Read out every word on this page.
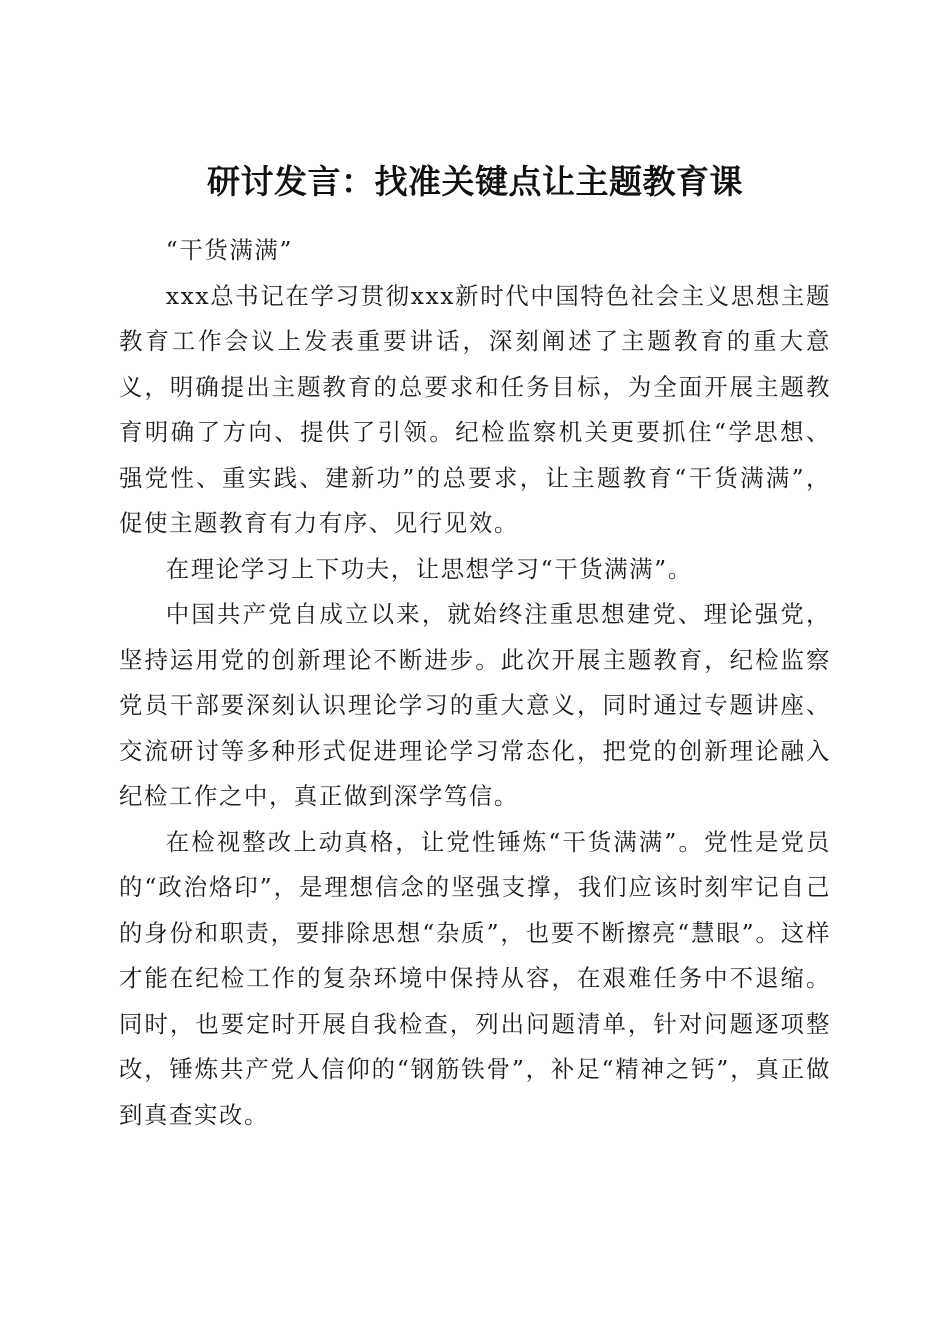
研讨发言：找准关键点让主题教育课

“干货满满”

xxx总书记在学习贯彻xxx新时代中国特色社会主义思想主题教育工作会议上发表重要讲话，深刻阐述了主题教育的重大意义，明确提出主题教育的总要求和任务目标，为全面开展主题教育明确了方向、提供了引领。纪检监察机关更要抓住“学思想、强党性、重实践、建新功”的总要求，让主题教育“干货满满”，促使主题教育有力有序、见行见效。

在理论学习上下功夫，让思想学习“干货满满”。

中国共产党自成立以来，就始终注重思想建党、理论强党，坚持运用党的创新理论不断进步。此次开展主题教育，纪检监察党员干部要深刻认识理论学习的重大意义，同时通过专题讲座、交流研讨等多种形式促进理论学习常态化，把党的创新理论融入纪检工作之中，真正做到深学笃信。

在检视整改上动真格，让党性锤炼“干货满满”。党性是党员的“政治烙印”，是理想信念的坚强支撑，我们应该时刻牢记自己的身份和职责，要排除思想“杂质”，也要不断擦亮“慧眼”。这样才能在纪检工作的复杂环境中保持从容，在艰难任务中不退缩。同时，也要定时开展自我检查，列出问题清单，针对问题逐项整改，锤炼共产党人信仰的“钢筋铁骨”，补足“精神之钙”，真正做到真查实改。
